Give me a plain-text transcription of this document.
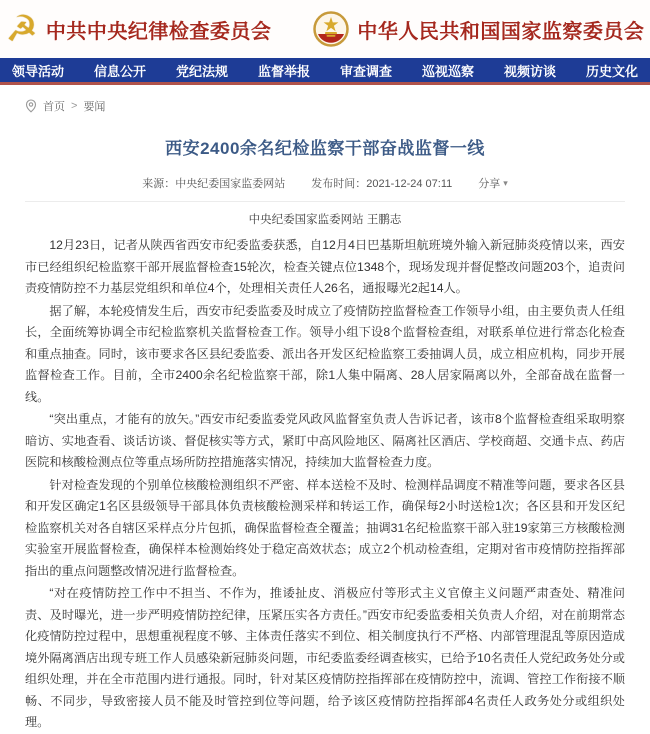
☭ 中共中央纪律检查委员会	中华人民共和国国家监察委员会
领导活动 信息公开 党纪法规 监督举报 审查调查 巡视巡察 视频访谈 历史文化
首页 > 要闻
西安2400余名纪检监察干部奋战监督一线
来源：中央纪委国家监委网站 发布时间：2021-12-24 07:11 分享 ▾
中央纪委国家监委网站 王鹏志

12月23日，记者从陕西省西安市纪委监委获悉，自12月4日巴基斯坦航班境外输入新冠肺炎疫情以来，西安市已经组织纪检监察干部开展监督检查15轮次，检查关键点位1348个，现场发现并督促整改问题203个，追责问责疫情防控不力基层党组织和单位4个，处理相关责任人26名，通报曝光2起14人。

据了解，本轮疫情发生后，西安市纪委监委及时成立了疫情防控监督检查工作领导小组，由主要负责人任组长，全面统筹协调全市纪检监察机关监督检查工作。领导小组下设8个监督检查组，对联系单位进行常态化检查和重点抽查。同时，该市要求各区县纪委监委、派出各开发区纪检监察工委抽调人员，成立相应机构，同步开展监督检查工作。目前，全市2400余名纪检监察干部，除1人集中隔离、28人居家隔离以外，全部奋战在监督一线。

“突出重点，才能有的放矢。”西安市纪委监委党风政风监督室负责人告诉记者，该市8个监督检查组采取明察暗访、实地查看、谈话访谈、督促核实等方式，紧盯中高风险地区、隔离社区酒店、学校商超、交通卡点、药店医院和核酸检测点位等重点场所防控措施落实情况，持续加大监督检查力度。

针对检查发现的个别单位核酸检测组织不严密、样本送检不及时、检测样品调度不精准等问题，要求各区县和开发区确定1名区县级领导干部具体负责核酸检测采样和转运工作，确保每2小时送检1次；各区县和开发区纪检监察机关对各自辖区采样点分片包抓，确保监督检查全覆盖；抽调31名纪检监察干部入驻19家第三方核酸检测实验室开展监督检查，确保样本检测始终处于稳定高效状态；成立2个机动检查组，定期对省市疫情防控指挥部指出的重点问题整改情况进行监督检查。

“对在疫情防控工作中不担当、不作为，推诿扯皮、消极应付等形式主义官僚主义问题严肃查处、精准问责、及时曝光，进一步严明疫情防控纪律，压紧压实各方责任。”西安市纪委监委相关负责人介绍，对在前期常态化疫情防控过程中，思想重视程度不够、主体责任落实不到位、相关制度执行不严格、内部管理混乱等原因造成境外隔离酒店出现专班工作人员感染新冠肺炎问题，市纪委监委经调查核实，已给予10名责任人党纪政务处分或组织处理，并在全市范围内进行通报。同时，针对某区疫情防控指挥部在疫情防控中，流调、管控工作衔接不顺畅、不同步，导致密接人员不能及时管控到位等问题，给予该区疫情防控指挥部4名责任人政务处分或组织处理。
